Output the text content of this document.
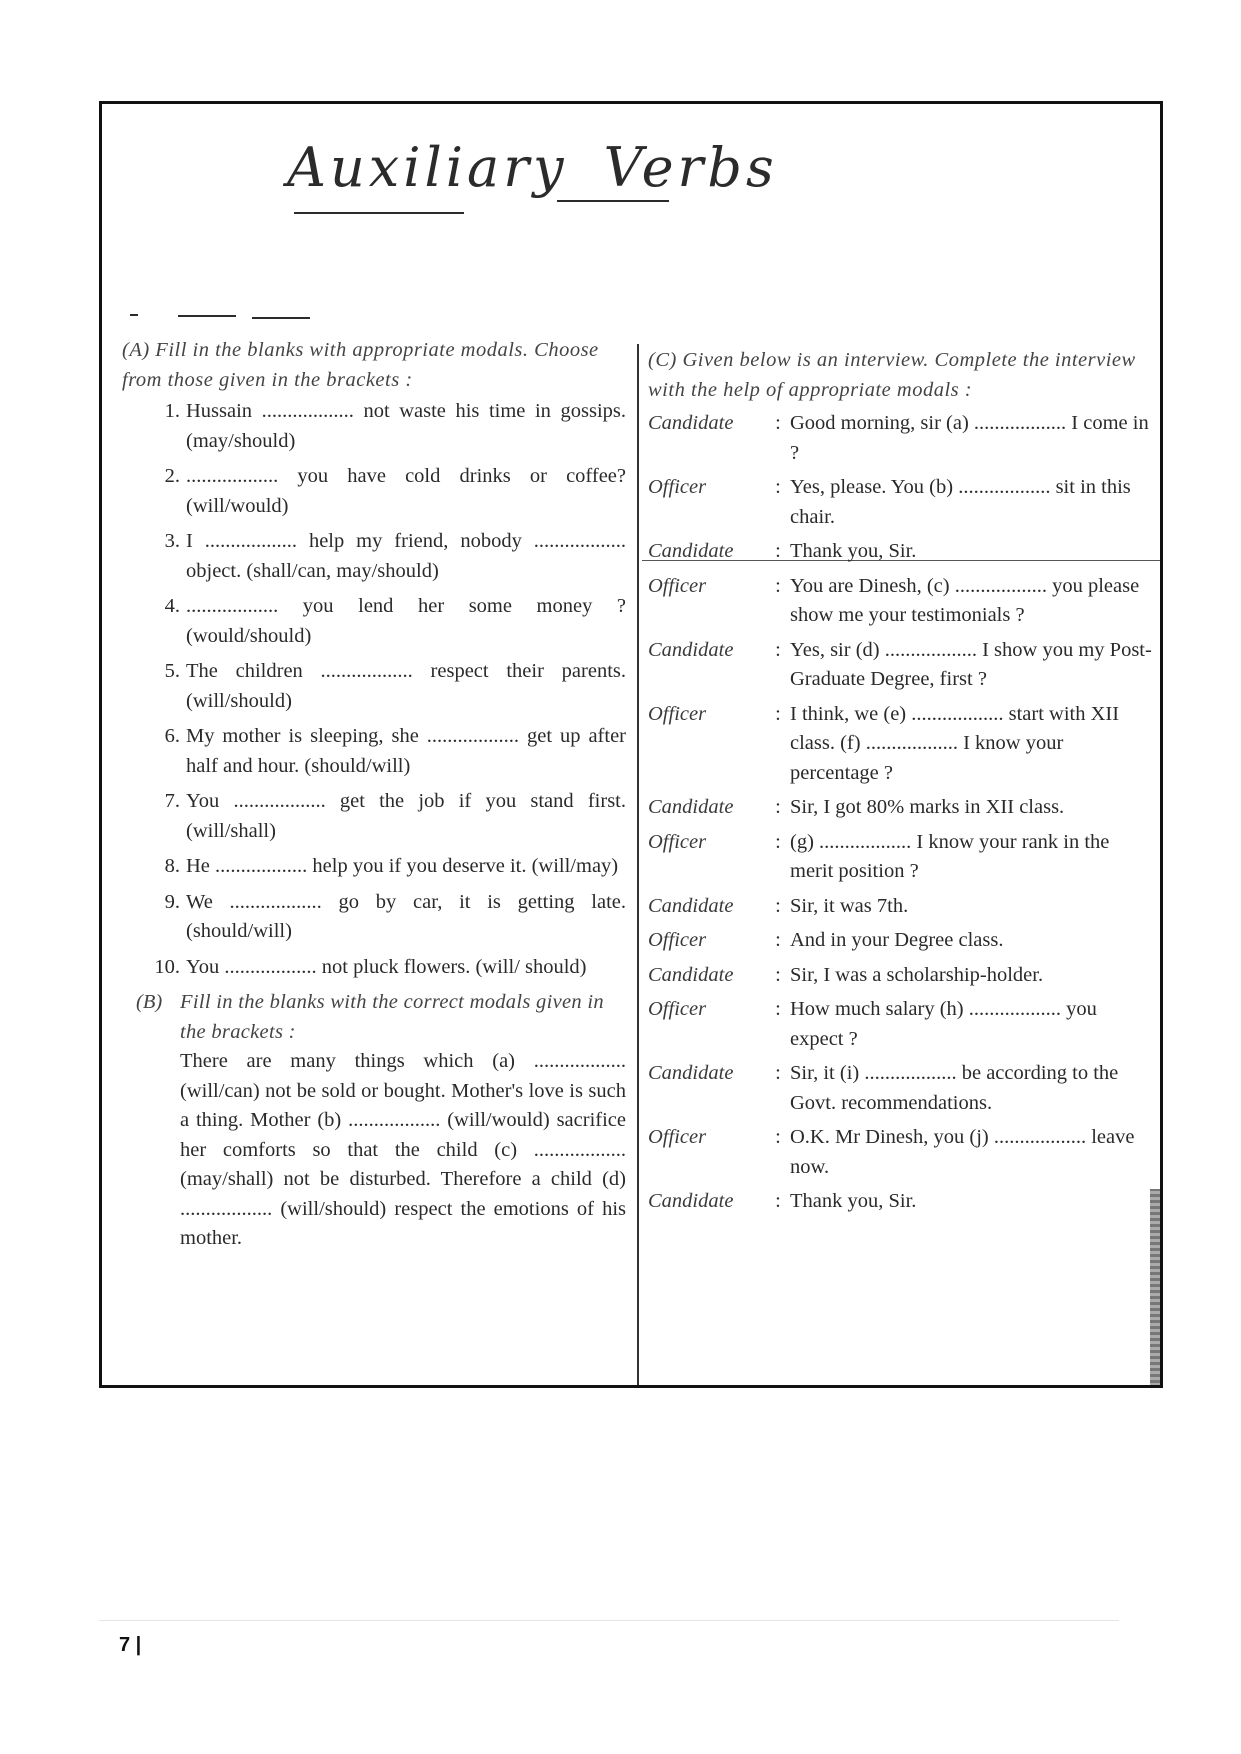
Auxiliary Verbs
(A) Fill in the blanks with appropriate modals. Choose from those given in the brackets :
1. Hussain .................. not waste his time in gossips. (may/should)
2. .................. you have cold drinks or coffee? (will/would)
3. I .................. help my friend, nobody .................. object. (shall/can, may/should)
4. .................. you lend her some money ? (would/should)
5. The children .................. respect their parents. (will/should)
6. My mother is sleeping, she .................. get up after half and hour. (should/will)
7. You .................. get the job if you stand first. (will/shall)
8. He .................. help you if you deserve it. (will/may)
9. We .................. go by car, it is getting late. (should/will)
10. You .................. not pluck flowers. (will/ should)
(B) Fill in the blanks with the correct modals given in the brackets :

There are many things which (a) .................. (will/can) not be sold or bought. Mother's love is such a thing. Mother (b) .................. (will/would) sacrifice her comforts so that the child (c) .................. (may/shall) not be disturbed. Therefore a child (d) .................. (will/should) respect the emotions of his mother.

(C) Given below is an interview. Complete the interview with the help of appropriate modals :
Candidate	: Good morning, sir (a) .................. I come in ?
Officer	: Yes, please. You (b) .................. sit in this chair.
Candidate	: Thank you, Sir.
Officer	: You are Dinesh, (c) .................. you please show me your testimonials ?
Candidate	: Yes, sir (d) .................. I show you my Post-Graduate Degree, first ?
Officer	: I think, we (e) .................. start with XII class. (f) .................. I know your percentage ?
Candidate	: Sir, I got 80% marks in XII class.
Officer	: (g) .................. I know your rank in the merit position ?
Candidate	: Sir, it was 7th.
Officer	: And in your Degree class.
Candidate	: Sir, I was a scholarship-holder.
Officer	: How much salary (h) .................. you expect ?
Candidate	: Sir, it (i) .................. be according to the Govt. recommendations.
Officer	: O.K. Mr Dinesh, you (j) .................. leave now.
Candidate	: Thank you, Sir.
7 |
